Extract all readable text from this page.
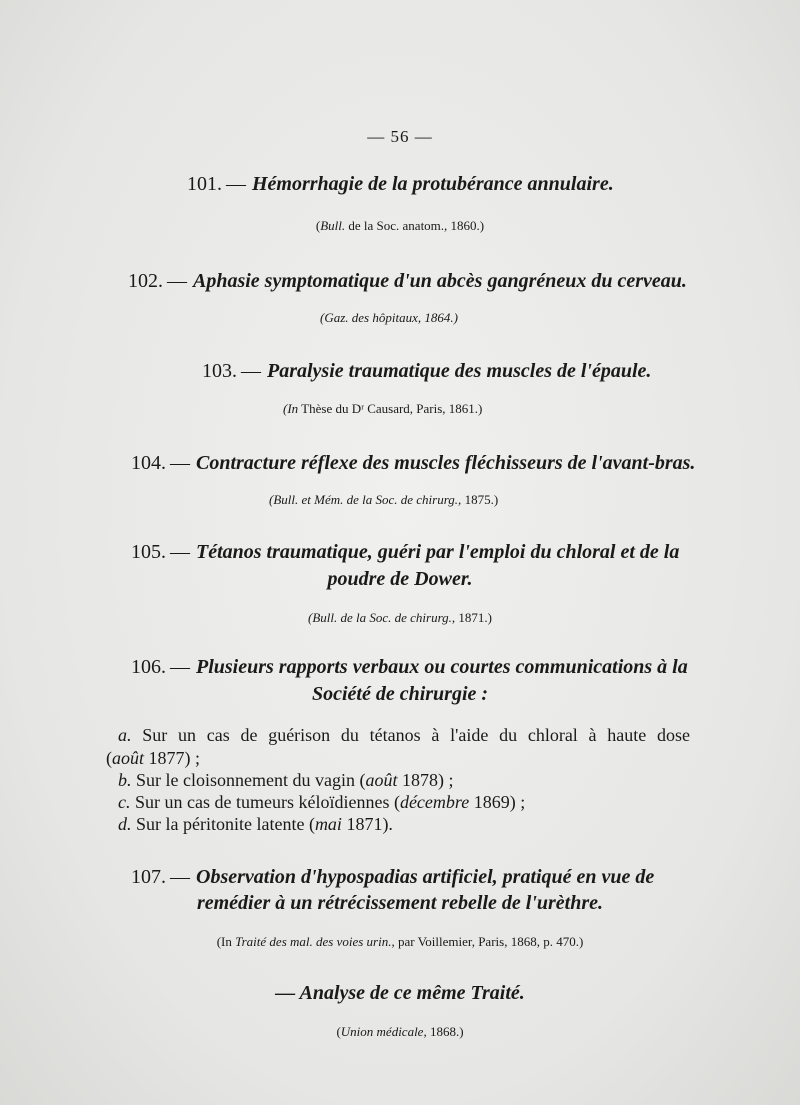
— 56 —
101. — Hémorrhagie de la protubérance annulaire.
(Bull. de la Soc. anatom., 1860.)
102. — Aphasie symptomatique d'un abcès gangréneux du cerveau.
(Gaz. des hôpitaux, 1864.)
103. — Paralysie traumatique des muscles de l'épaule.
(In Thèse du Dʳ Causard, Paris, 1861.)
104. — Contracture réflexe des muscles fléchisseurs de l'avant-bras.
(Bull. et Mém. de la Soc. de chirurg., 1875.)
105. — Tétanos traumatique, guéri par l'emploi du chloral et de la
poudre de Dower.
(Bull. de la Soc. de chirurg., 1871.)
106. — Plusieurs rapports verbaux ou courtes communications à la
Société de chirurgie :
a. Sur un cas de guérison du tétanos à l'aide du chloral à haute dose
(août 1877) ;
b. Sur le cloisonnement du vagin (août 1878) ;
c. Sur un cas de tumeurs kéloïdiennes (décembre 1869) ;
d. Sur la péritonite latente (mai 1871).
107. — Observation d'hypospadias artificiel, pratiqué en vue de
remédier à un rétrécissement rebelle de l'urèthre.
(In Traité des mal. des voies urin., par Voillemier, Paris, 1868, p. 470.)
— Analyse de ce même Traité.
(Union médicale, 1868.)
